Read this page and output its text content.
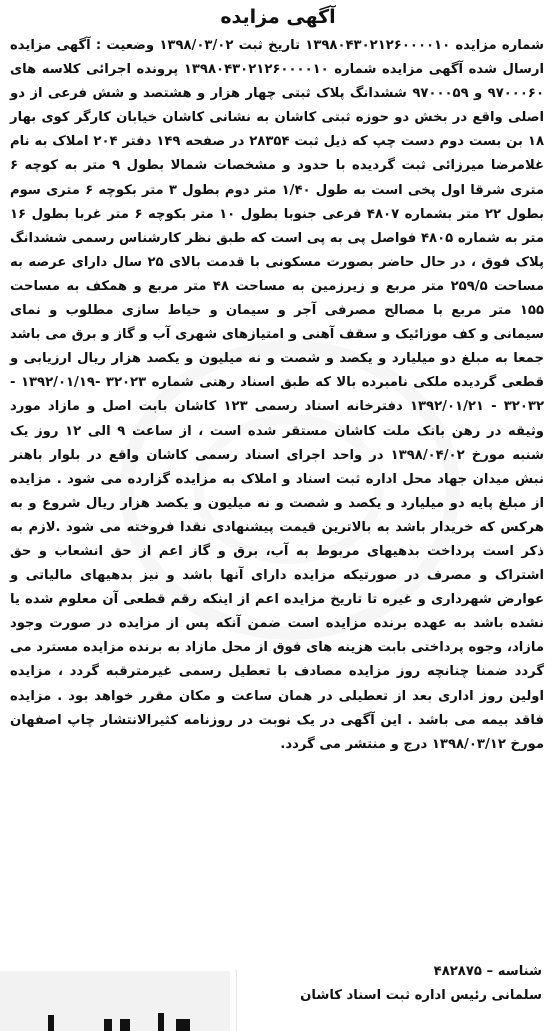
آگهی مزایده

شماره مزایده ۱۳۹۸۰۴۳۰۲۱۲۶۰۰۰۰۱۰ تاریخ ثبت ۱۳۹۸/۰۳/۰۲ وضعیت : آگهی مزایده ارسال شده آگهی مزایده شماره ۱۳۹۸۰۴۳۰۲۱۲۶۰۰۰۰۱۰ پرونده اجرائی کلاسه های ۹۷۰۰۰۶۰ و ۹۷۰۰۰۵۹ ششدانگ پلاک ثبتی چهار هزار و هشتصد و شش فرعی از دو اصلی واقع در بخش دو حوزه ثبتی کاشان به نشانی کاشان خیابان کارگر کوی بهار ۱۸ بن بست دوم دست چپ که ذیل ثبت ۲۸۳۵۴ در صفحه ۱۴۹ دفتر ۲۰۴ املاک به نام غلامرضا میرزائی ثبت گردیده با حدود و مشخصات شمالا بطول ۹ متر به کوچه ۶ متری شرقا اول پخی است به طول ۱/۴۰ متر دوم بطول ۳ متر بکوچه ۶ متری سوم بطول ۲۲ متر بشماره ۴۸۰۷ فرعی جنوبا بطول ۱۰ متر بکوچه ۶ متر غربا بطول ۱۶ متر به شماره ۴۸۰۵ فواصل پی به پی است که طبق نظر کارشناس رسمی ششدانگ پلاک فوق ، در حال حاضر بصورت مسکونی با قدمت بالای ۲۵ سال دارای عرصه به مساحت ۲۵۹/۵ متر مربع و زیرزمین به مساحت ۴۸ متر مربع و همکف به مساحت ۱۵۵ متر مربع با مصالح مصرفی آجر و سیمان و حیاط سازی مطلوب و نمای سیمانی و کف موزائیک و سقف آهنی و امتیازهای شهری آب و گاز و برق می باشد جمعا به مبلغ دو میلیارد و یکصد و شصت و نه میلیون و یکصد هزار ریال ارزیابی و قطعی گردیده ملکی نامبرده بالا که طبق اسناد رهنی شماره ۳۲۰۲۳ -۱۳۹۲/۰۱/۱۹ - ۳۲۰۳۲ - ۱۳۹۲/۰۱/۲۱ دفترخانه اسناد رسمی ۱۲۳ کاشان بابت اصل و مازاد مورد وثیقه در رهن بانک ملت کاشان مستقر شده است ، از ساعت ۹ الی ۱۲ روز یک شنبه مورخ ۱۳۹۸/۰۴/۰۲ در واحد اجرای اسناد رسمی کاشان واقع در بلوار باهنر نبش میدان جهاد محل اداره ثبت اسناد و املاک به مزایده گزارده می شود . مزایده از مبلغ پایه دو میلیارد و یکصد و شصت و نه میلیون و یکصد هزار ریال شروع و به هرکس که خریدار باشد به بالاترین قیمت پیشنهادی نقدا فروخته می شود .لازم به ذکر است پرداخت بدهیهای مربوط به آب، برق و گاز اعم از حق انشعاب و حق اشتراک و مصرف در صورتیکه مزایده دارای آنها باشد و نیز بدهیهای مالیاتی و عوارض شهرداری و غیره تا تاریخ مزایده اعم از اینکه رقم قطعی آن معلوم شده یا نشده باشد به عهده برنده مزایده است ضمن آنکه پس از مزایده در صورت وجود مازاد، وجوه پرداختی بابت هزینه های فوق از محل مازاد به برنده مزایده مسترد می گردد ضمنا چنانچه روز مزایده مصادف با تعطیل رسمی غیرمترقبه گردد ، مزایده اولین روز اداری بعد از تعطیلی در همان ساعت و مکان مقرر خواهد بود . مزایده فاقد بیمه می باشد . این آگهی در یک نوبت در روزنامه کثیرالانتشار چاپ اصفهان مورخ ۱۳۹۸/۰۳/۱۲ درج و منتشر می گردد.

شناسه – ۴۸۲۸۷۵

سلمانی رئیس اداره ثبت اسناد کاشان
